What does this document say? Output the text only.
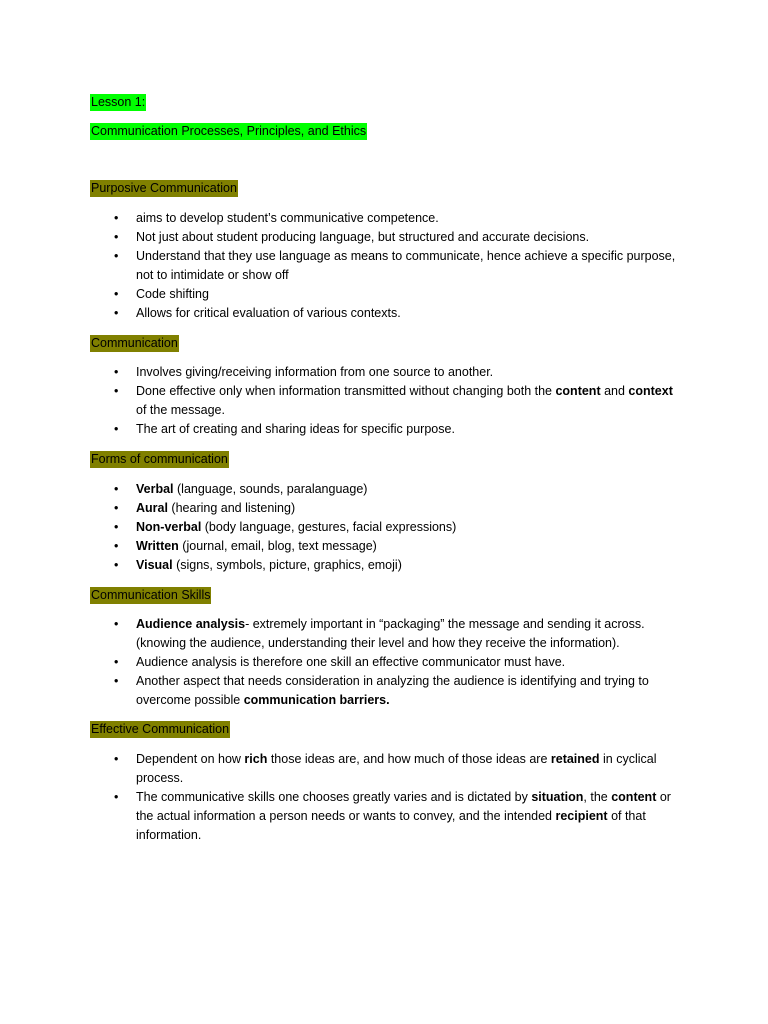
Lesson 1:
Communication Processes, Principles, and Ethics
Purposive Communication
• aims to develop student’s communicative competence.
• Not just about student producing language, but structured and accurate decisions.
• Understand that they use language as means to communicate, hence achieve a specific purpose, not to intimidate or show off
• Code shifting
• Allows for critical evaluation of various contexts.
Communication
• Involves giving/receiving information from one source to another.
• Done effective only when information transmitted without changing both the content and context of the message.
• The art of creating and sharing ideas for specific purpose.
Forms of communication
• Verbal (language, sounds, paralanguage)
• Aural (hearing and listening)
• Non-verbal (body language, gestures, facial expressions)
• Written (journal, email, blog, text message)
• Visual (signs, symbols, picture, graphics, emoji)
Communication Skills
• Audience analysis- extremely important in “packaging” the message and sending it across. (knowing the audience, understanding their level and how they receive the information).
• Audience analysis is therefore one skill an effective communicator must have.
• Another aspect that needs consideration in analyzing the audience is identifying and trying to overcome possible communication barriers.
Effective Communication
• Dependent on how rich those ideas are, and how much of those ideas are retained in cyclical process.
• The communicative skills one chooses greatly varies and is dictated by situation, the content or the actual information a person needs or wants to convey, and the intended recipient of that information.
